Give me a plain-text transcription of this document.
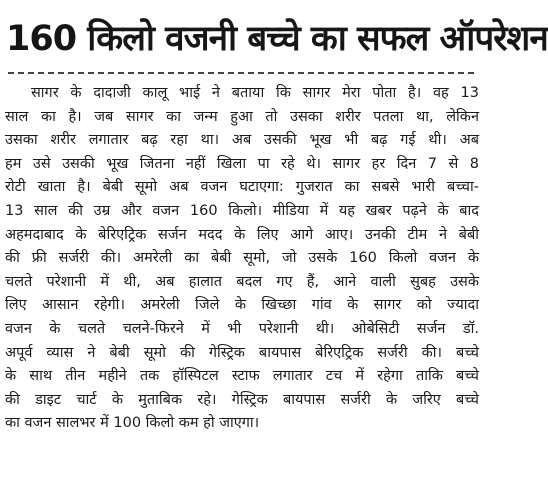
160 किलो वजनी बच्चे का सफल ऑपरेशन
सागर के दादाजी कालू भाई ने बताया कि सागर मेरा पोता है। वह 13
साल का है। जब सागर का जन्म हुआ तो उसका शरीर पतला था, लेकिन
उसका शरीर लगातार बढ़ रहा था। अब उसकी भूख भी बढ़ गई थी। अब
हम उसे उसकी भूख जितना नहीं खिला पा रहे थे। सागर हर दिन 7 से 8
रोटी खाता है। बेबी सूमो अब वजन घटाएगा: गुजरात का सबसे भारी बच्चा-
13 साल की उम्र और वजन 160 किलो। मीडिया में यह खबर पढ़ने के बाद
अहमदाबाद के बेरिएट्रिक सर्जन मदद के लिए आगे आए। उनकी टीम ने बेबी
की फ्री सर्जरी की। अमरेली का बेबी सूमो, जो उसके 160 किलो वजन के
चलते परेशानी में थी, अब हालात बदल गए हैं, आने वाली सुबह उसके
लिए आसान रहेगी। अमरेली जिले के खिच्छा गांव के सागर को ज्यादा
वजन के चलते चलने-फिरने में भी परेशानी थी। ओबेसिटी सर्जन डॉ.
अपूर्व व्यास ने बेबी सूमो की गेस्ट्रिक बायपास बेरिएट्रिक सर्जरी की। बच्चे
के साथ तीन महीने तक हॉस्पिटल स्टाफ लगातार टच में रहेगा ताकि बच्चे
की डाइट चार्ट के मुताबिक रहे। गेस्ट्रिक बायपास सर्जरी के जरिए बच्चे
का वजन सालभर में 100 किलो कम हो जाएगा।
